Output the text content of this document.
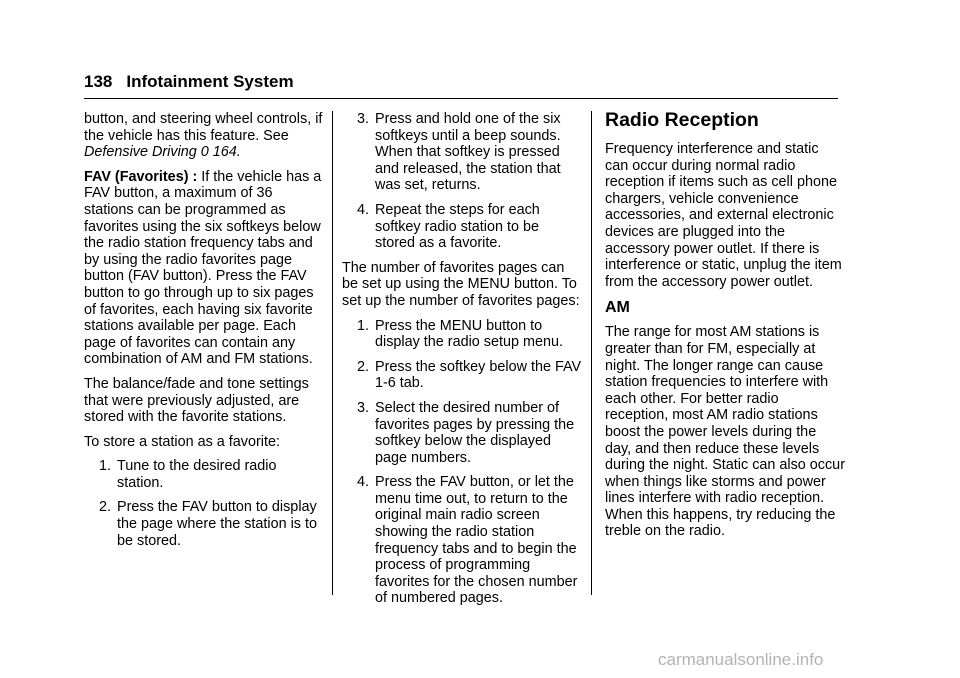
138 Infotainment System

button, and steering wheel controls, if the vehicle has this feature. See Defensive Driving 0 164.

FAV (Favorites) : If the vehicle has a FAV button, a maximum of 36 stations can be programmed as favorites using the six softkeys below the radio station frequency tabs and by using the radio favorites page button (FAV button). Press the FAV button to go through up to six pages of favorites, each having six favorite stations available per page. Each page of favorites can contain any combination of AM and FM stations.

The balance/fade and tone settings that were previously adjusted, are stored with the favorite stations.

To store a station as a favorite:

1. Tune to the desired radio station.
2. Press the FAV button to display the page where the station is to be stored.
3. Press and hold one of the six softkeys until a beep sounds. When that softkey is pressed and released, the station that was set, returns.
4. Repeat the steps for each softkey radio station to be stored as a favorite.

The number of favorites pages can be set up using the MENU button. To set up the number of favorites pages:

1. Press the MENU button to display the radio setup menu.
2. Press the softkey below the FAV 1-6 tab.
3. Select the desired number of favorites pages by pressing the softkey below the displayed page numbers.
4. Press the FAV button, or let the menu time out, to return to the original main radio screen showing the radio station frequency tabs and to begin the process of programming favorites for the chosen number of numbered pages.
Radio Reception

Frequency interference and static can occur during normal radio reception if items such as cell phone chargers, vehicle convenience accessories, and external electronic devices are plugged into the accessory power outlet. If there is interference or static, unplug the item from the accessory power outlet.

AM

The range for most AM stations is greater than for FM, especially at night. The longer range can cause station frequencies to interfere with each other. For better radio reception, most AM radio stations boost the power levels during the day, and then reduce these levels during the night. Static can also occur when things like storms and power lines interfere with radio reception. When this happens, try reducing the treble on the radio.

carmanualsonline.info
